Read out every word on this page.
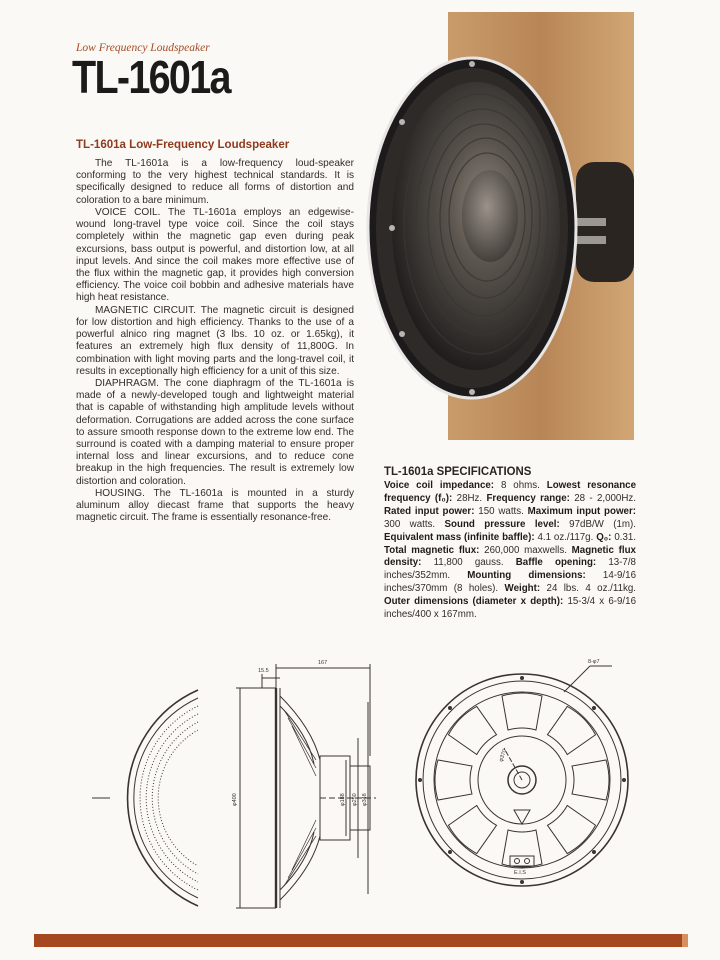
Low Frequency Loudspeaker
TL-1601a
TL-1601a Low-Frequency Loudspeaker

The TL-1601a is a low-frequency loud-speaker conforming to the very highest technical standards. It is specifically designed to reduce all forms of distortion and coloration to a bare minimum.

VOICE COIL. The TL-1601a employs an edgewise-wound long-travel type voice coil. Since the coil stays completely within the magnetic gap even during peak excursions, bass output is powerful, and distortion low, at all input levels. And since the coil makes more effective use of the flux within the magnetic gap, it provides high conversion efficiency. The voice coil bobbin and adhesive materials have high heat resistance.

MAGNETIC CIRCUIT. The magnetic circuit is designed for low distortion and high efficiency. Thanks to the use of a powerful alnico ring magnet (3 lbs. 10 oz. or 1.65kg), it features an extremely high flux density of 11,800G. In combination with light moving parts and the long-travel coil, it results in exceptionally high efficiency for a unit of this size.

DIAPHRAGM. The cone diaphragm of the TL-1601a is made of a newly-developed tough and lightweight material that is capable of withstanding high amplitude levels without deformation. Corrugations are added across the cone surface to assure smooth response down to the extreme low end. The surround is coated with a damping material to ensure proper internal loss and linear excursions, and to reduce cone breakup in the high frequencies. The result is extremely low distortion and coloration.

HOUSING. The TL-1601a is mounted in a sturdy aluminum alloy diecast frame that supports the heavy magnetic circuit. The frame is essentially resonance-free.

TL-1601a SPECIFICATIONS
Voice coil impedance: 8 ohms. Lowest resonance frequency (f₀): 28Hz. Frequency range: 28 - 2,000Hz. Rated input power: 150 watts. Maximum input power: 300 watts. Sound pressure level: 97dB/W (1m). Equivalent mass (infinite baffle): 4.1 oz./117g. Q₀: 0.31. Total magnetic flux: 260,000 maxwells. Magnetic flux density: 11,800 gauss. Baffle opening: 13-7/8 inches/352mm. Mounting dimensions: 14-9/16 inches/370mm (8 holes). Weight: 24 lbs. 4 oz./11kg. Outer dimensions (diameter x depth): 15-3/4 x 6-9/16 inches/400 x 167mm.
167
15.5
φ400	φ188 φ250 φ348
8-φ7
φ370
E.I.S
